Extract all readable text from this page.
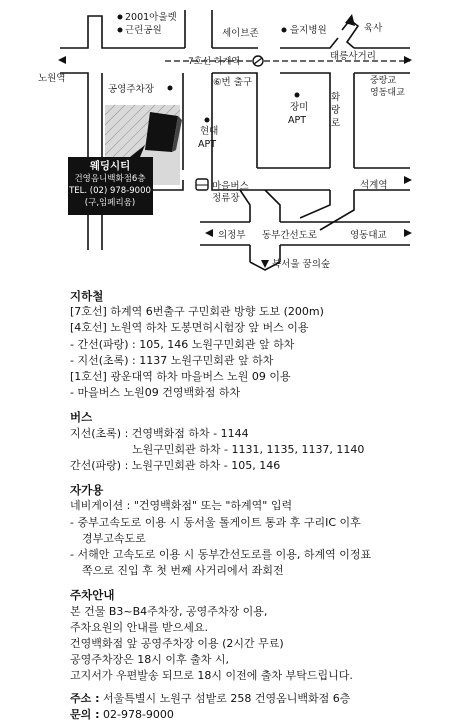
웨딩시티
건영옴니백화점6층
TEL. (02) 978-9000
(구,임페리움)
2001아울렛
근린공원	세이브존	을지병원	육사
노원역
7호선 하계역	태릉사거리
중랑교
영동대교
공영주차장
⑥번 출구
화
랑
로
장미
APT
현대
APT
마을버스
정류장
석계역
의정부 동부간선도로	영동대교
북서울 꿈의숲
지하철
[7호선] 하계역 6번출구 구민회관 방향 도보 (200m)
[4호선] 노원역 하차 도봉면허시험장 앞 버스 이용
- 간선(파랑) : 105, 146 노원구민회관 앞 하차
- 지선(초록) : 1137 노원구민회관 앞 하차
[1호선] 광운대역 하차 마을버스 노원 09 이용
- 마을버스 노원09 건영백화점 하차
버스
지선(초록) : 건영백화점 하차 - 1144
노원구민회관 하차 - 1131, 1135, 1137, 1140
간선(파랑) : 노원구민회관 하차 - 105, 146
자가용
네비게이션 : "건영백화점" 또는 "하계역" 입력
- 중부고속도로 이용 시 동서울 톨게이트 통과 후 구리IC 이후
경부고속도로
- 서해안 고속도로 이용 시 동부간선도로를 이용, 하계역 이정표
쪽으로 진입 후 첫 번째 사거리에서 좌회전
주차안내
본 건물 B3~B4주차장, 공영주차장 이용,
주차요원의 안내를 받으세요.
건영백화점 앞 공영주차장 이용 (2시간 무료)
공영주차장은 18시 이후 출차 시,
고지서가 우편발송 되므로 18시 이전에 출차 부탁드립니다.
주소 : 서울특별시 노원구 섬밭로 258 건영옴니백화점 6층
문의 : 02-978-9000
